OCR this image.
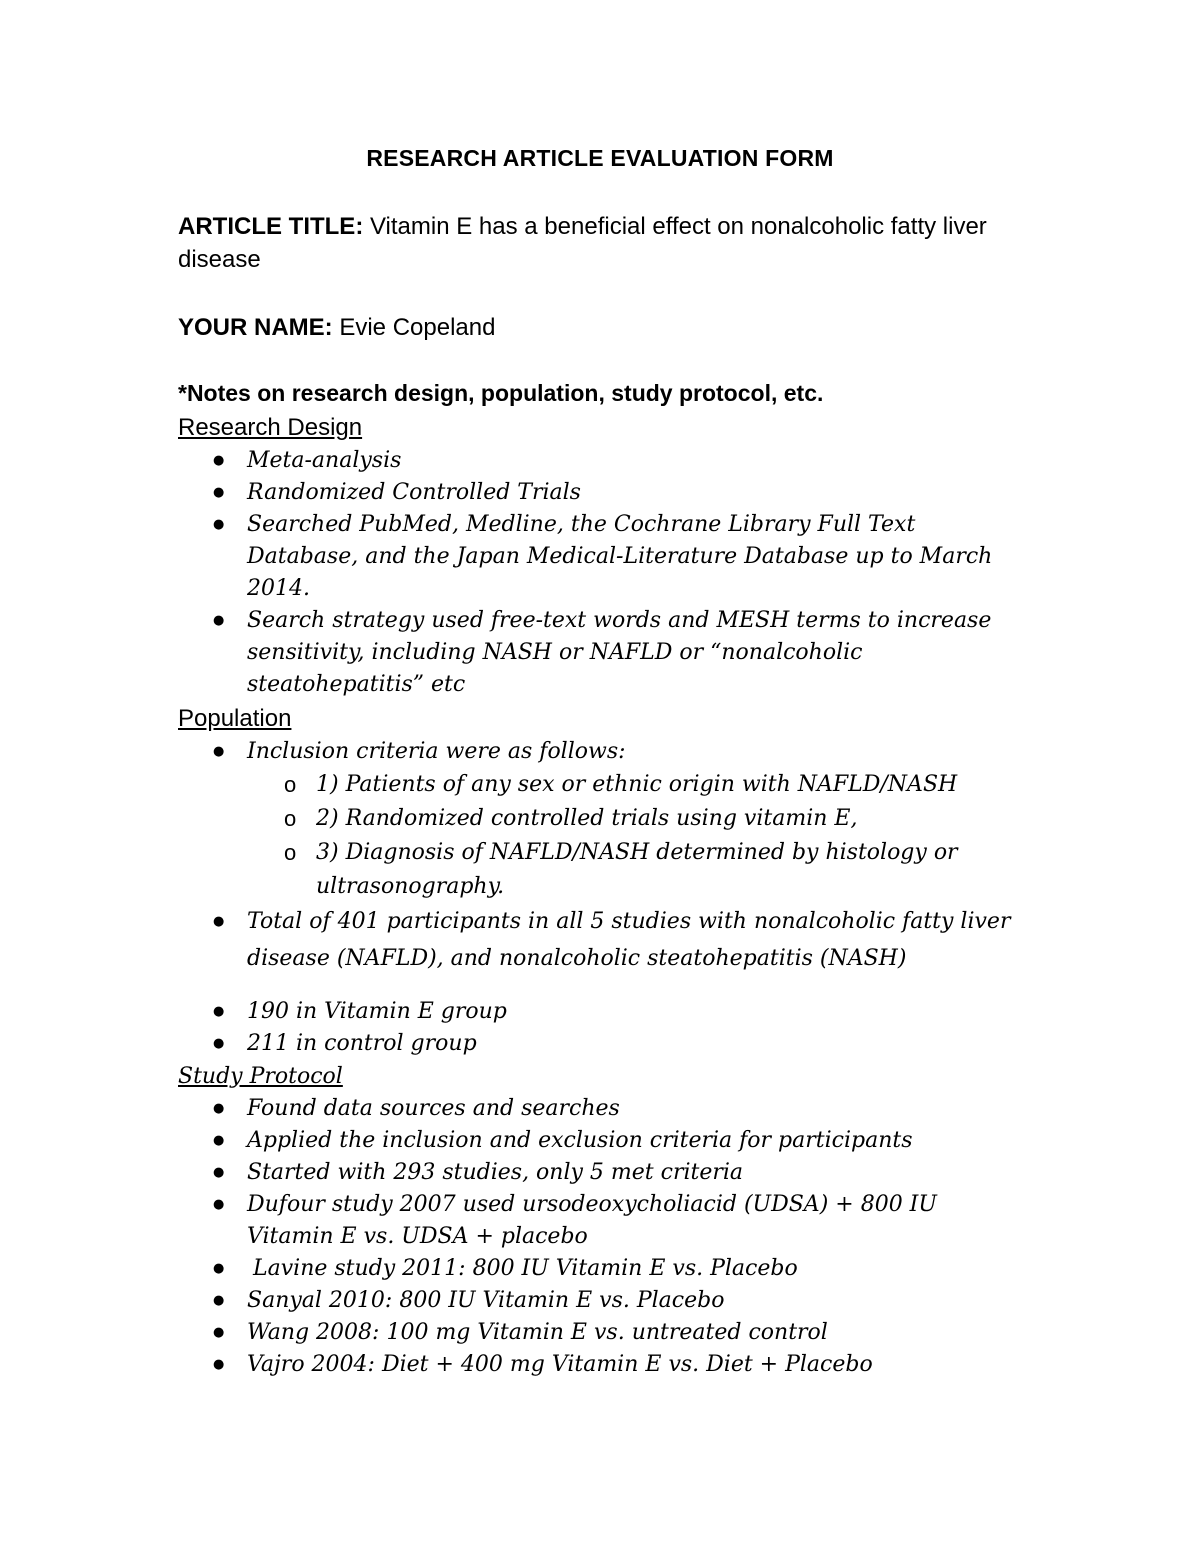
RESEARCH ARTICLE EVALUATION FORM
ARTICLE TITLE: Vitamin E has a beneficial effect on nonalcoholic fatty liver disease
YOUR NAME: Evie Copeland
*Notes on research design, population, study protocol, etc.
Research Design
● Meta-analysis
● Randomized Controlled Trials
● Searched PubMed, Medline, the Cochrane Library Full Text Database, and the Japan Medical-Literature Database up to March 2014.
● Search strategy used free-text words and MESH terms to increase sensitivity, including NASH or NAFLD or “nonalcoholic steatohepatitis” etc
Population
● Inclusion criteria were as follows:
o 1) Patients of any sex or ethnic origin with NAFLD/NASH
o 2) Randomized controlled trials using vitamin E,
o 3) Diagnosis of NAFLD/NASH determined by histology or ultrasonography.
● Total of 401 participants in all 5 studies with nonalcoholic fatty liver disease (NAFLD), and nonalcoholic steatohepatitis (NASH)
● 190 in Vitamin E group
● 211 in control group
Study Protocol
● Found data sources and searches
● Applied the inclusion and exclusion criteria for participants
● Started with 293 studies, only 5 met criteria
● Dufour study 2007 used ursodeoxycholiacid (UDSA) + 800 IU Vitamin E vs. UDSA + placebo
● Lavine study 2011: 800 IU Vitamin E vs. Placebo
● Sanyal 2010: 800 IU Vitamin E vs. Placebo
● Wang 2008: 100 mg Vitamin E vs. untreated control
● Vajro 2004: Diet + 400 mg Vitamin E vs. Diet + Placebo
